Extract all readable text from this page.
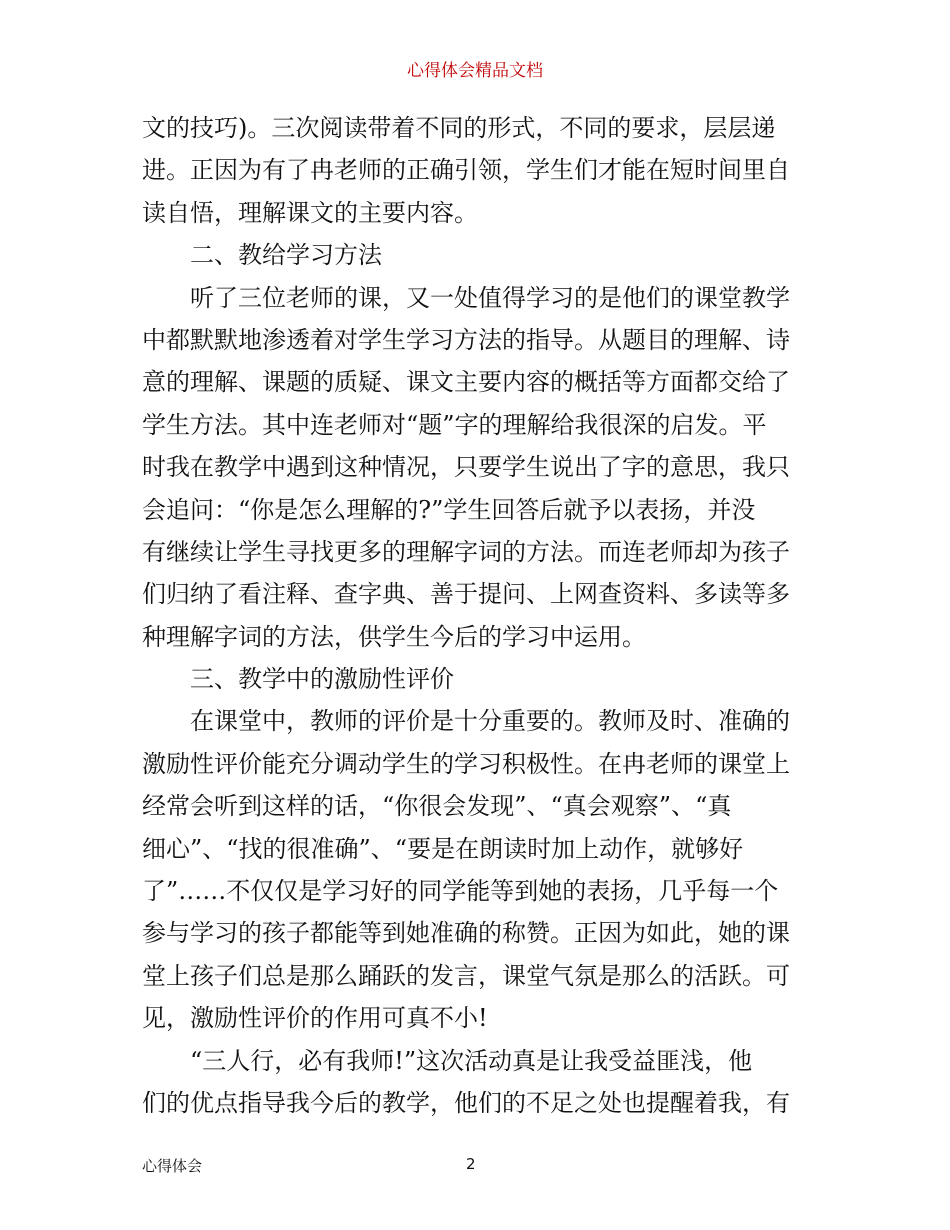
心得体会精品文档
文的技巧)。三次阅读带着不同的形式，不同的要求，层层递
进。正因为有了冉老师的正确引领，学生们才能在短时间里自
读自悟，理解课文的主要内容。
二、教给学习方法
听了三位老师的课，又一处值得学习的是他们的课堂教学
中都默默地渗透着对学生学习方法的指导。从题目的理解、诗
意的理解、课题的质疑、课文主要内容的概括等方面都交给了
学生方法。其中连老师对“题”字的理解给我很深的启发。平
时我在教学中遇到这种情况，只要学生说出了字的意思，我只
会追问：“你是怎么理解的?”学生回答后就予以表扬，并没
有继续让学生寻找更多的理解字词的方法。而连老师却为孩子
们归纳了看注释、查字典、善于提问、上网查资料、多读等多
种理解字词的方法，供学生今后的学习中运用。
三、教学中的激励性评价
在课堂中，教师的评价是十分重要的。教师及时、准确的
激励性评价能充分调动学生的学习积极性。在冉老师的课堂上
经常会听到这样的话，“你很会发现”、“真会观察”、“真
细心”、“找的很准确”、“要是在朗读时加上动作，就够好
了”……不仅仅是学习好的同学能等到她的表扬，几乎每一个
参与学习的孩子都能等到她准确的称赞。正因为如此，她的课
堂上孩子们总是那么踊跃的发言，课堂气氛是那么的活跃。可
见，激励性评价的作用可真不小!
“三人行，必有我师!”这次活动真是让我受益匪浅，他
们的优点指导我今后的教学，他们的不足之处也提醒着我，有
心得体会	2
